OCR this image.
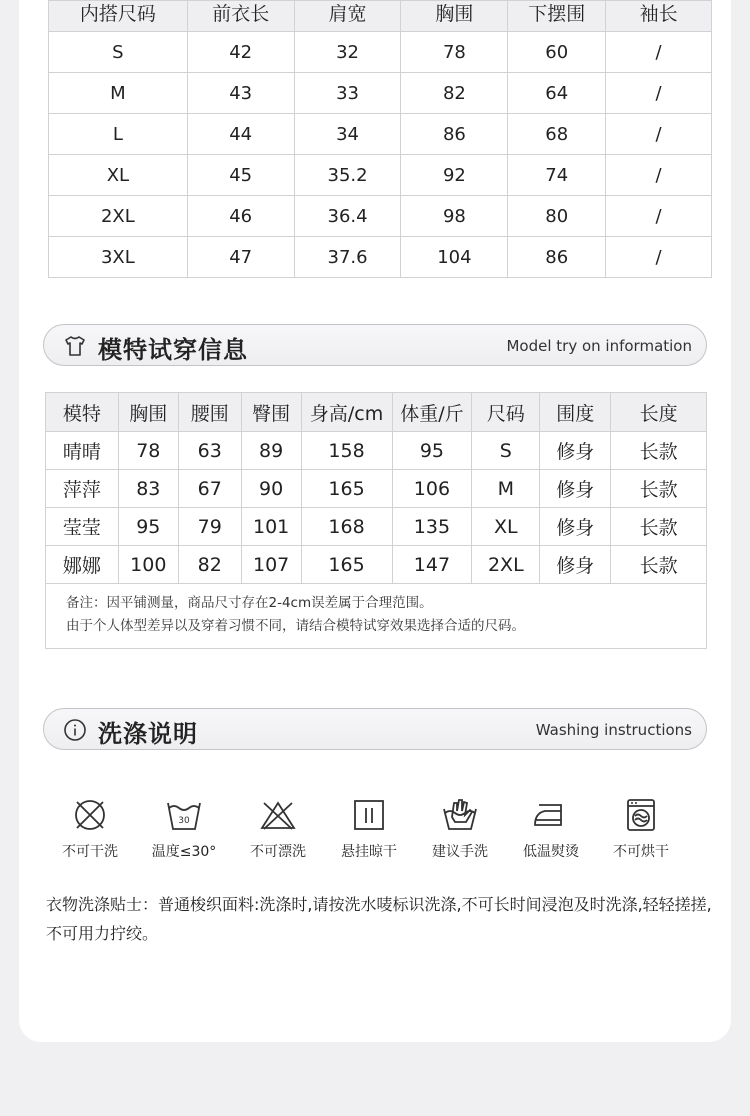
内搭尺码	前衣长	肩宽	胸围	下摆围	袖长
S	42	32	78	60	/
M	43	33	82	64	/
L	44	34	86	68	/
XL	45	35.2	92	74	/
2XL	46	36.4	98	80	/
3XL	47	37.6	104	86	/
模特试穿信息	Model try on information
模特	胸围	腰围	臀围	身高/cm	体重/斤	尺码	围度	长度
晴晴	78	63	89	158	95	S	修身	长款
萍萍	83	67	90	165	106	M	修身	长款
莹莹	95	79	101	168	135	XL	修身	长款
娜娜	100	82	107	165	147	2XL	修身	长款

备注：因平铺测量，商品尺寸存在2-4cm误差属于合理范围。
由于个人体型差异以及穿着习惯不同，请结合模特试穿效果选择合适的尺码。								
洗涤说明	Washing instructions
不可干洗
30
温度≤30°	不可漂洗	悬挂晾干	建议手洗	低温熨烫	不可烘干
衣物洗涤贴士：普通梭织面料:洗涤时,请按洗水唛标识洗涤,不可长时间浸泡及时洗涤,轻轻搓搓,不可用力拧绞。
